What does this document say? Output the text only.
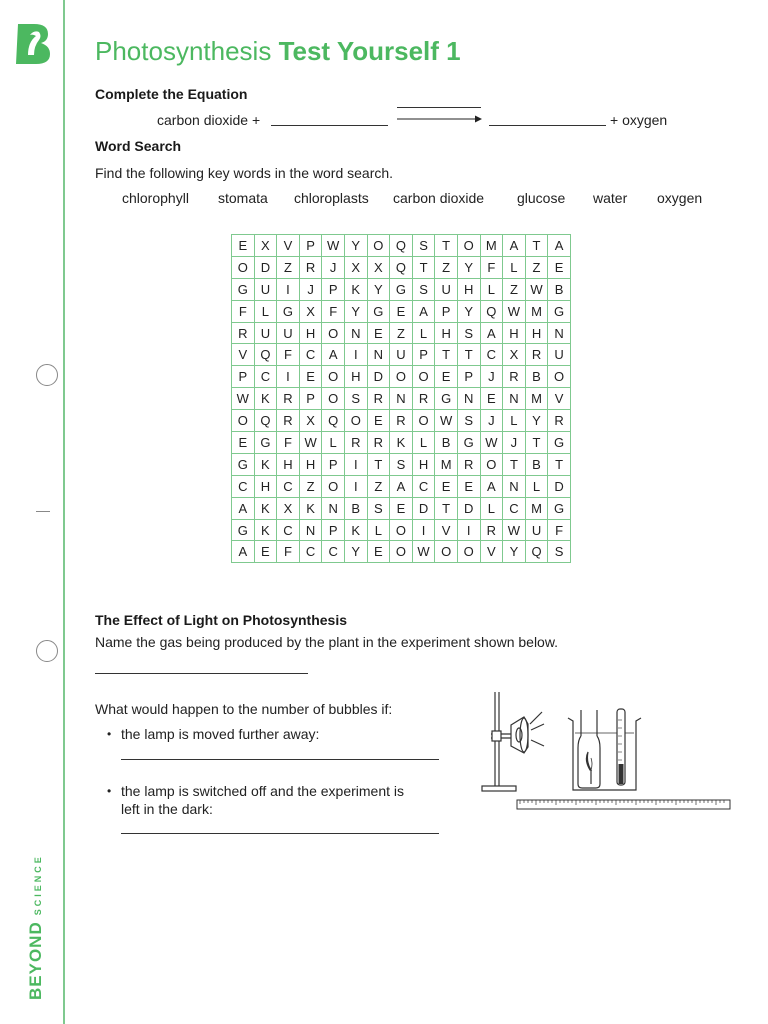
BEYONDSCIENCE
Photosynthesis Test Yourself 1
Complete the Equation
carbon dioxide +	+ oxygen
Word Search
Find the following key words in the word search.
chlorophyll stomata chloroplasts carbon dioxide glucose water oxygen
E	X	V	P	W	Y	O	Q	S	T	O	M	A	T	A
O	D	Z	R	J	X	X	Q	T	Z	Y	F	L	Z	E
G	U	I	J	P	K	Y	G	S	U	H	L	Z	W	B
F	L	G	X	F	Y	G	E	A	P	Y	Q	W	M	G
R	U	U	H	O	N	E	Z	L	H	S	A	H	H	N
V	Q	F	C	A	I	N	U	P	T	T	C	X	R	U
P	C	I	E	O	H	D	O	O	E	P	J	R	B	O
W	K	R	P	O	S	R	N	R	G	N	E	N	M	V
O	Q	R	X	Q	O	E	R	O	W	S	J	L	Y	R
E	G	F	W	L	R	R	K	L	B	G	W	J	T	G
G	K	H	H	P	I	T	S	H	M	R	O	T	B	T
C	H	C	Z	O	I	Z	A	C	E	E	A	N	L	D
A	K	X	K	N	B	S	E	D	T	D	L	C	M	G
G	K	C	N	P	K	L	O	I	V	I	R	W	U	F
A	E	F	C	C	Y	E	O	W	O	O	V	Y	Q	S
The Effect of Light on Photosynthesis
Name the gas being produced by the plant in the experiment shown below.
What would happen to the number of bubbles if:
• the lamp is moved further away:
• the lamp is switched off and the experiment is
left in the dark:
